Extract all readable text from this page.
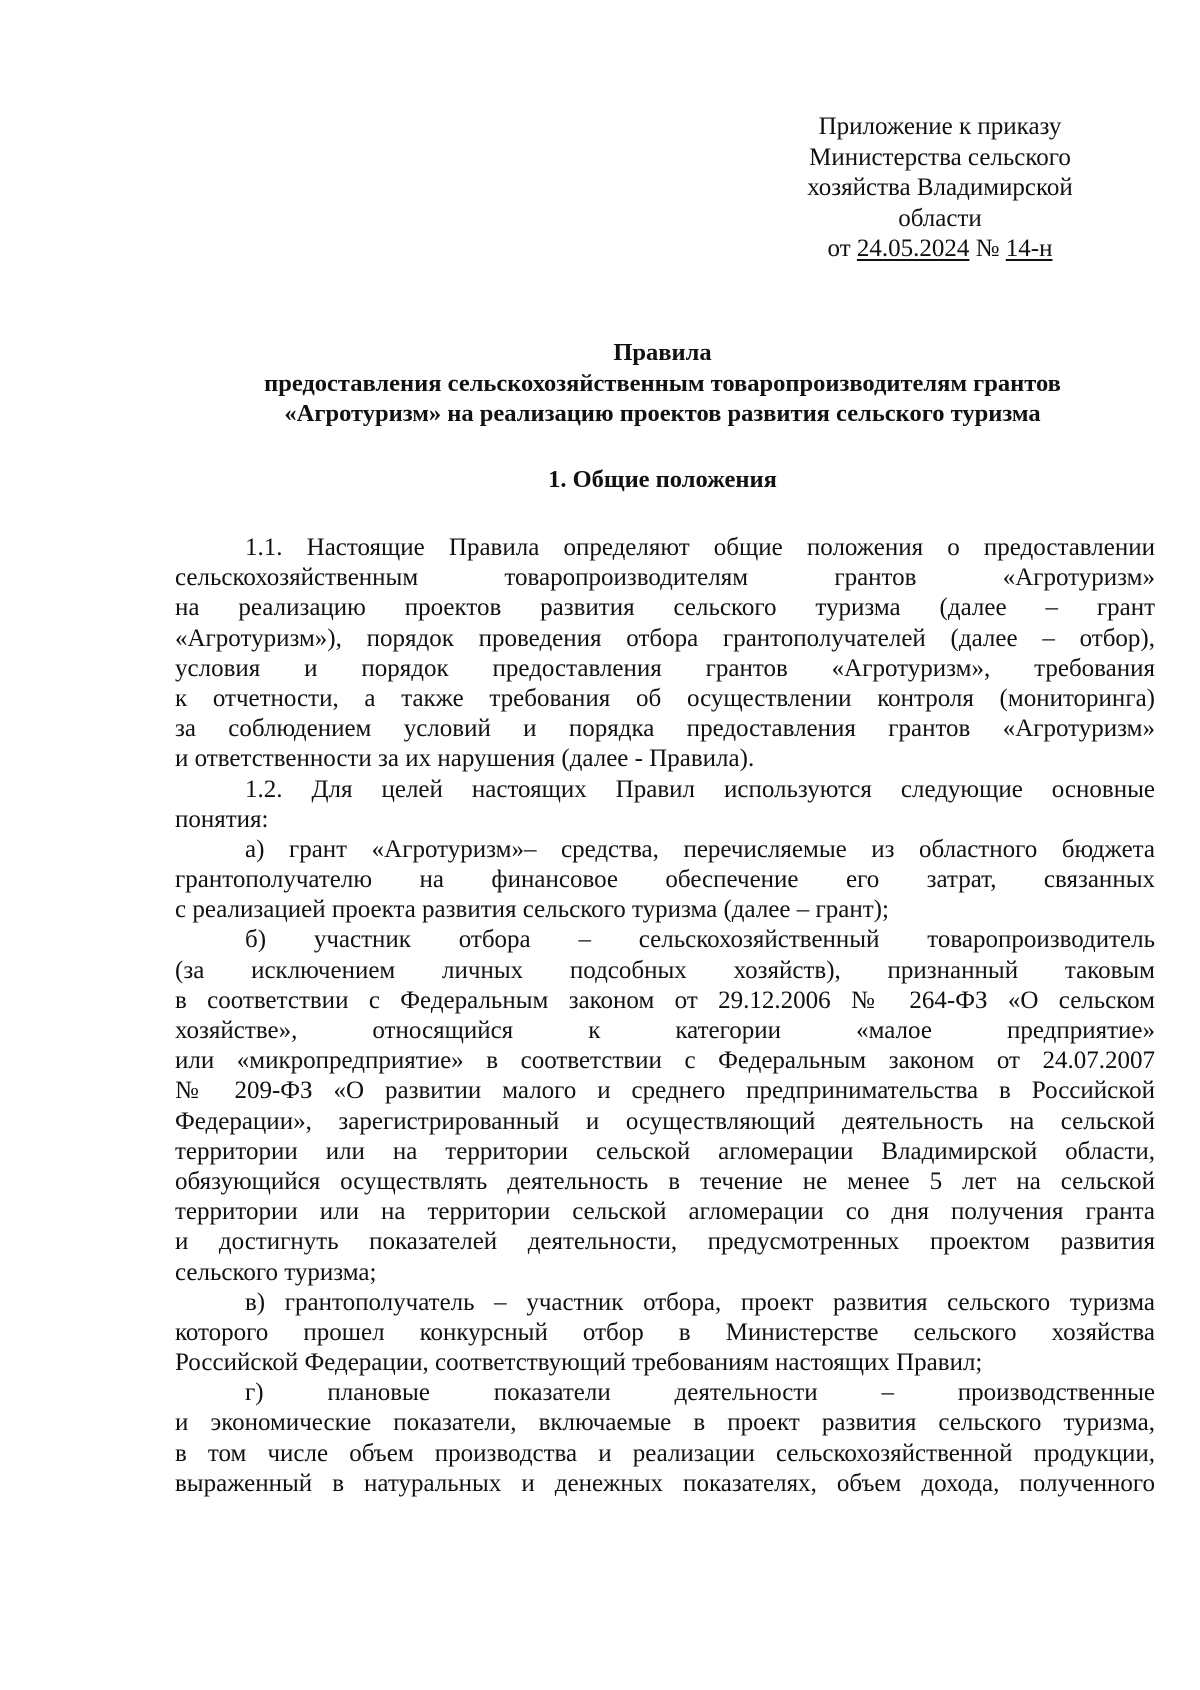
Приложение к приказу
Министерства сельского
хозяйства Владимирской
области
от 24.05.2024 № 14-н
Правила
предоставления сельскохозяйственным товаропроизводителям грантов
«Агротуризм» на реализацию проектов развития сельского туризма
1. Общие положения
1.1. Настоящие Правила определяют общие положения о предоставлении
сельскохозяйственным товаропроизводителям грантов «Агротуризм»
на реализацию проектов развития сельского туризма (далее – грант
«Агротуризм»), порядок проведения отбора грантополучателей (далее – отбор),
условия и порядок предоставления грантов «Агротуризм», требования
к отчетности, а также требования об осуществлении контроля (мониторинга)
за соблюдением условий и порядка предоставления грантов «Агротуризм»
и ответственности за их нарушения (далее - Правила).
1.2. Для целей настоящих Правил используются следующие основные
понятия:
а) грант «Агротуризм»– средства, перечисляемые из областного бюджета
грантополучателю на финансовое обеспечение его затрат, связанных
с реализацией проекта развития сельского туризма (далее – грант);
б) участник отбора – сельскохозяйственный товаропроизводитель
(за исключением личных подсобных хозяйств), признанный таковым
в соответствии с Федеральным законом от 29.12.2006 № 264-ФЗ «О сельском
хозяйстве», относящийся к категории «малое предприятие»
или «микропредприятие» в соответствии с Федеральным законом от 24.07.2007
№ 209-ФЗ «О развитии малого и среднего предпринимательства в Российской
Федерации», зарегистрированный и осуществляющий деятельность на сельской
территории или на территории сельской агломерации Владимирской области,
обязующийся осуществлять деятельность в течение не менее 5 лет на сельской
территории или на территории сельской агломерации со дня получения гранта
и достигнуть показателей деятельности, предусмотренных проектом развития
сельского туризма;
в) грантополучатель – участник отбора, проект развития сельского туризма
которого прошел конкурсный отбор в Министерстве сельского хозяйства
Российской Федерации, соответствующий требованиям настоящих Правил;
г) плановые показатели деятельности – производственные
и экономические показатели, включаемые в проект развития сельского туризма,
в том числе объем производства и реализации сельскохозяйственной продукции,
выраженный в натуральных и денежных показателях, объем дохода, полученного
